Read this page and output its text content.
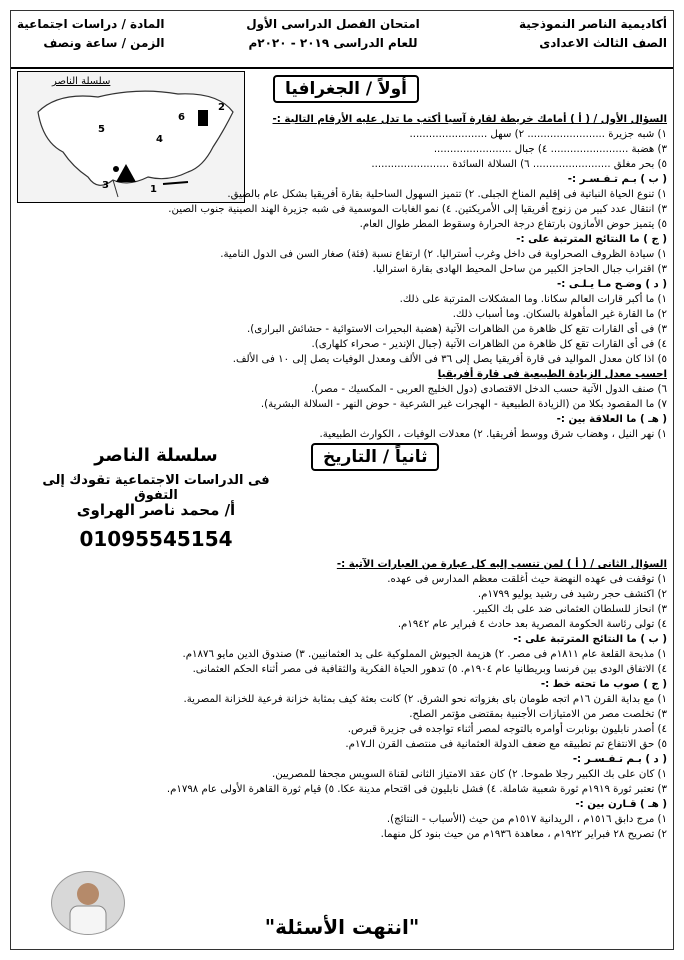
أكاديمية الناصر النموذجية
الصف الثالث الاعدادى
امتحان الفصل الدراسى الأول
للعام الدراسى ٢٠١٩ - ٢٠٢٠م
المادة / دراسات اجتماعية
الزمن / ساعة ونصف
سلسلة الناصر
2
6
5
4
3	1
أولاً / الجغرافيا
السؤال الأول / ( أ ) أمامك خريطة لقارة آسيا أكتب ما تدل عليه الأرقام التالية :-
١) شبه جزيرة ........................ ٢) سهل ........................
٣) هضبة ........................ ٤) جبال ........................
٥) بحر مغلق ........................ ٦) السلالة السائدة ........................
( ب ) بـم تـفـسـر :-
١) تنوع الحياة النباتية فى إقليم المناخ الجبلى. ٢) تتميز السهول الساحلية بقارة أفريقيا بشكل عام بالضيق.
٣) انتقال عدد كبير من زنوج أفريقيا إلى الأمريكتين. ٤) نمو الغابات الموسمية فى شبه جزيرة الهند الصينية جنوب الصين.
٥) يتميز حوض الأمازون بارتفاع درجة الحرارة وسقوط المطر طوال العام.
( ج ) ما النتائج المترتبة على :-
١) سيادة الظروف الصحراوية فى داخل وغرب أستراليا. ٢) ارتفاع نسبة (فئة) صغار السن فى الدول النامية.
٣) اقتراب جبال الحاجز الكبير من ساحل المحيط الهادى بقارة استراليا.
( د ) وضـح مـا يـلـى :-
١) ما أكبر قارات العالم سكانا. وما المشكلات المترتبة على ذلك.
٢) ما القارة غير المأهولة بالسكان. وما أسباب ذلك.
٣) فى أى القارات تقع كل ظاهرة من الظاهرات الآتية (هضبة البحيرات الاستوائية - حشائش البرارى).
٤) فى أى القارات تقع كل ظاهرة من الظاهرات الآتية (جبال الإندير - صحراء كلهارى).
٥) اذا كان معدل المواليد فى قارة أفريقيا يصل إلى ٣٦ فى الألف ومعدل الوفيات يصل إلى ١٠ فى الألف.
احسب معدل الزيادة الطبيعية فى قارة أفريقيا
٦) صنف الدول الآتية حسب الدخل الاقتصادى (دول الخليج العربى - المكسيك - مصر).
٧) ما المقصود بكلا من (الزيادة الطبيعية - الهجرات غير الشرعية - حوض النهر - السلالة البشرية).
( هـ ) ما العلاقة بين :-
١) نهر النيل ، وهضاب شرق ووسط أفريقيا. ٢) معدلات الوفيات ، الكوارث الطبيعية.
ثانياً / التاريخ
سلسلة الناصر
فى الدراسات الاجتماعية تقودك إلى التفوق
أ/ محمد ناصر الهراوى
01095545154
السؤال الثانى / ( أ ) لمن تنسب إليه كل عبارة من العبارات الآتية :-
١) توقفت فى عهده النهضة حيث أغلقت معظم المدارس فى عهده.
٢) اكتشف حجر رشيد فى رشيد يوليو ١٧٩٩م.
٣) انحاز للسلطان العثمانى ضد على بك الكبير.
٤) تولى رئاسة الحكومة المصرية بعد حادث ٤ فبراير عام ١٩٤٢م.
( ب ) ما النتائج المترتبة على :-
١) مذبحة القلعة عام ١٨١١م فى مصر. ٢) هزيمة الجيوش المملوكية على يد العثمانيين. ٣) صندوق الدين مايو ١٨٧٦م.
٤) الاتفاق الودى بين فرنسا وبريطانيا عام ١٩٠٤م. ٥) تدهور الحياة الفكرية والثقافية فى مصر أثناء الحكم العثمانى.
( ج ) صوب ما تحته خط :-
١) مع بداية القرن ١٦م اتجه طومان باى بغزواته نحو الشرق. ٢) كانت بعثة كيف بمثابة خزانة فرعية للخزانة المصرية.
٣) تخلصت مصر من الامتيازات الأجنبية بمقتضى مؤتمر الصلح.
٤) أصدر نابليون بونابرت أوامره بالتوجه لمصر أثناء تواجده فى جزيرة قبرص.
٥) حق الانتفاع تم تطبيقه مع ضعف الدولة العثمانية فى منتصف القرن الـ١٧م.
( د ) بـم تـفـسـر :-
١) كان على بك الكبير رجلا طموحا. ٢) كان عقد الامتياز الثانى لقناة السويس مجحفا للمصريين.
٣) تعتبر ثورة ١٩١٩م ثورة شعبية شاملة. ٤) فشل نابليون فى اقتحام مدينة عكا. ٥) قيام ثورة القاهرة الأولى عام ١٧٩٨م.
( هـ ) قـارن بين :-
١) مرج دابق ١٥١٦م ، الريدانية ١٥١٧م من حيث (الأسباب - النتائج).
٢) تصريح ٢٨ فبراير ١٩٢٢م ، معاهدة ١٩٣٦م من حيث بنود كل منهما.
"انتهت الأسئلة"
